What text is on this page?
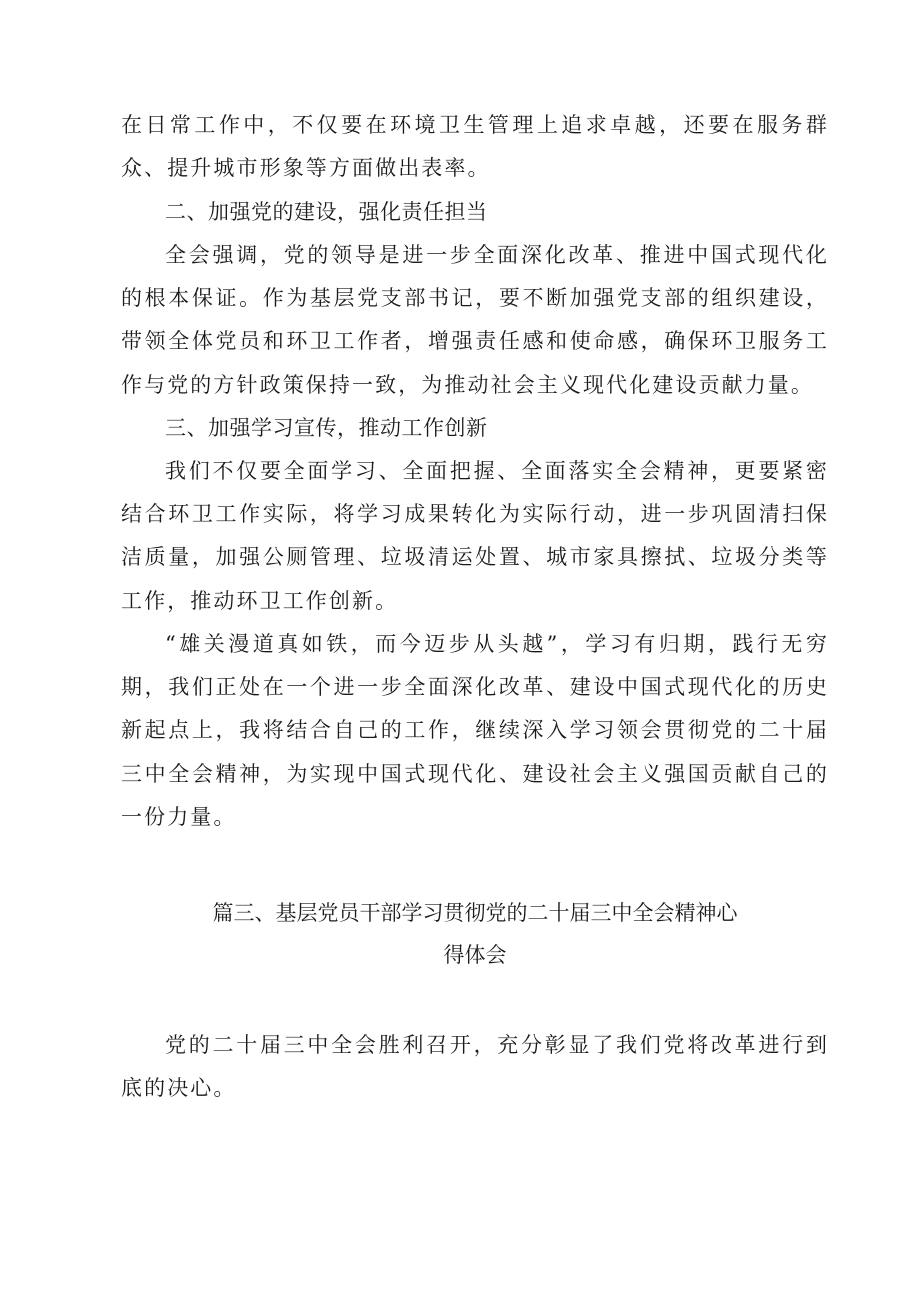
在日常工作中，不仅要在环境卫生管理上追求卓越，还要在服务群众、提升城市形象等方面做出表率。

二、加强党的建设，强化责任担当

全会强调，党的领导是进一步全面深化改革、推进中国式现代化的根本保证。作为基层党支部书记，要不断加强党支部的组织建设，带领全体党员和环卫工作者，增强责任感和使命感，确保环卫服务工作与党的方针政策保持一致，为推动社会主义现代化建设贡献力量。

三、加强学习宣传，推动工作创新

我们不仅要全面学习、全面把握、全面落实全会精神，更要紧密结合环卫工作实际，将学习成果转化为实际行动，进一步巩固清扫保洁质量，加强公厕管理、垃圾清运处置、城市家具擦拭、垃圾分类等工作，推动环卫工作创新。

“雄关漫道真如铁，而今迈步从头越”，学习有归期，践行无穷期，我们正处在一个进一步全面深化改革、建设中国式现代化的历史新起点上，我将结合自己的工作，继续深入学习领会贯彻党的二十届三中全会精神，为实现中国式现代化、建设社会主义强国贡献自己的一份力量。

篇三、基层党员干部学习贯彻党的二十届三中全会精神心
得体会

党的二十届三中全会胜利召开，充分彰显了我们党将改革进行到底的决心。
